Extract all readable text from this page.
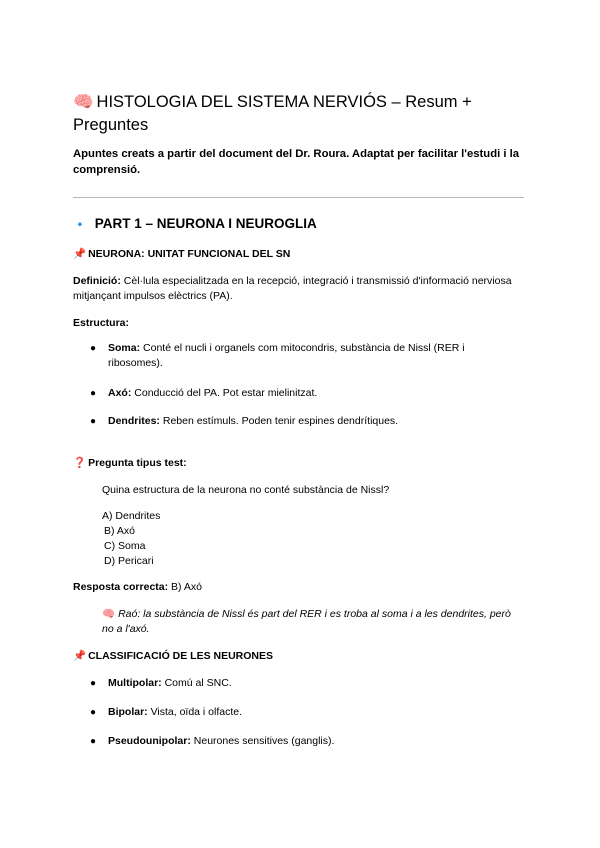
🧠 HISTOLOGIA DEL SISTEMA NERVIÓS – Resum + Preguntes
Apuntes creats a partir del document del Dr. Roura. Adaptat per facilitar l'estudi i la comprensió.
🔹 PART 1 – NEURONA I NEUROGLIA
📌 NEURONA: UNITAT FUNCIONAL DEL SN
Definició: Cèl·lula especialitzada en la recepció, integració i transmissió d'informació nerviosa mitjançant impulsos elèctrics (PA).
Estructura:
● Soma: Conté el nucli i organels com mitocondris, substància de Nissl (RER i ribosomes).
● Axó: Conducció del PA. Pot estar mielinitzat.
● Dendrites: Reben estímuls. Poden tenir espines dendrítiques.
❓ Pregunta tipus test:
Quina estructura de la neurona no conté substància de Nissl?
A) Dendrites
B) Axó
C) Soma
D) Pericari
Resposta correcta: B) Axó
🧠 Raó: la substància de Nissl és part del RER i es troba al soma i a les dendrites, però no a l'axó.
📌 CLASSIFICACIÓ DE LES NEURONES
● Multipolar: Comú al SNC.
● Bipolar: Vista, oïda i olfacte.
● Pseudounipolar: Neurones sensitives (ganglis).
